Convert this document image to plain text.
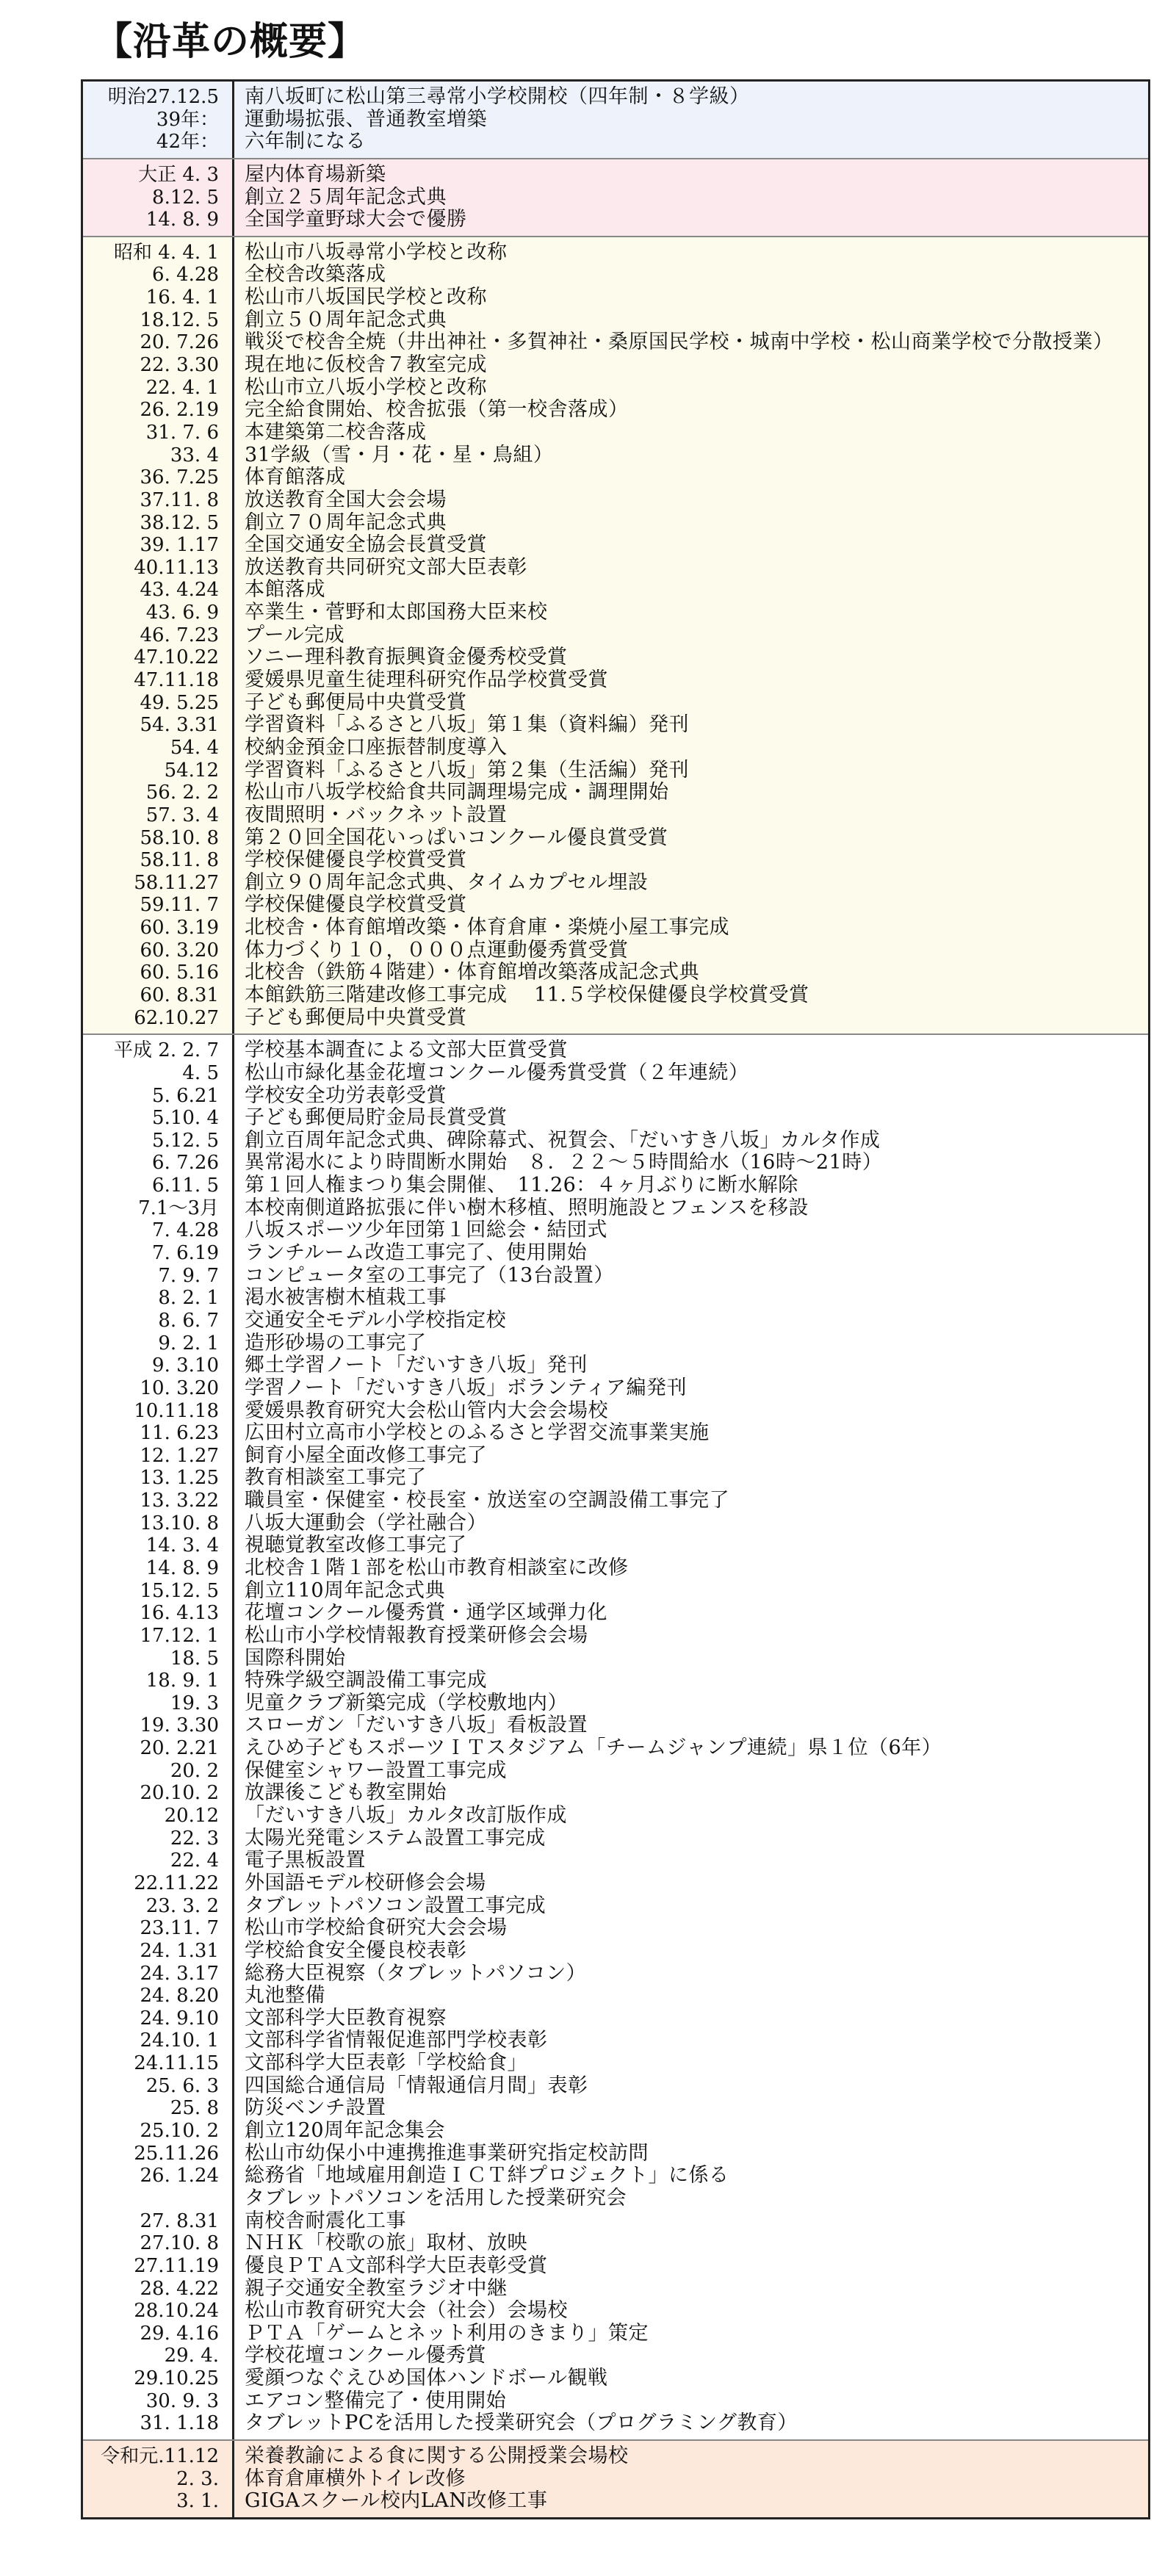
【沿革の概要】
明治27.12.5	南八坂町に松山第三尋常小学校開校（四年制・８学級）
39年：	運動場拡張、普通教室増築
42年：	六年制になる
大正 4. 3	屋内体育場新築
8.12. 5	創立２５周年記念式典
14. 8. 9	全国学童野球大会で優勝
昭和 4. 4. 1	松山市八坂尋常小学校と改称
6. 4.28	全校舎改築落成
16. 4. 1	松山市八坂国民学校と改称
18.12. 5	創立５０周年記念式典
20. 7.26	戦災で校舎全焼（井出神社・多賀神社・桑原国民学校・城南中学校・松山商業学校で分散授業）
22. 3.30	現在地に仮校舎７教室完成
22. 4. 1	松山市立八坂小学校と改称
26. 2.19	完全給食開始、校舎拡張（第一校舎落成）
31. 7. 6	本建築第二校舎落成
33. 4	31学級（雪・月・花・星・鳥組）
36. 7.25	体育館落成
37.11. 8	放送教育全国大会会場
38.12. 5	創立７０周年記念式典
39. 1.17	全国交通安全協会長賞受賞
40.11.13	放送教育共同研究文部大臣表彰
43. 4.24	本館落成
43. 6. 9	卒業生・菅野和太郎国務大臣来校
46. 7.23	プール完成
47.10.22	ソニー理科教育振興資金優秀校受賞
47.11.18	愛媛県児童生徒理科研究作品学校賞受賞
49. 5.25	子ども郵便局中央賞受賞
54. 3.31	学習資料「ふるさと八坂」第１集（資料編）発刊
54. 4	校納金預金口座振替制度導入
54.12	学習資料「ふるさと八坂」第２集（生活編）発刊
56. 2. 2	松山市八坂学校給食共同調理場完成・調理開始
57. 3. 4	夜間照明・バックネット設置
58.10. 8	第２０回全国花いっぱいコンクール優良賞受賞
58.11. 8	学校保健優良学校賞受賞
58.11.27	創立９０周年記念式典、タイムカプセル埋設
59.11. 7	学校保健優良学校賞受賞
60. 3.19	北校舎・体育館増改築・体育倉庫・楽焼小屋工事完成
60. 3.20	体力づくり１０，０００点運動優秀賞受賞
60. 5.16	北校舎（鉄筋４階建）・体育館増改築落成記念式典
60. 8.31	本館鉄筋三階建改修工事完成　 11.５学校保健優良学校賞受賞
62.10.27	子ども郵便局中央賞受賞
平成 2. 2. 7	学校基本調査による文部大臣賞受賞
4. 5	松山市緑化基金花壇コンクール優秀賞受賞（２年連続）
5. 6.21	学校安全功労表彰受賞
5.10. 4	子ども郵便局貯金局長賞受賞
5.12. 5	創立百周年記念式典、碑除幕式、祝賀会、「だいすき八坂」カルタ作成
6. 7.26	異常渇水により時間断水開始　８．２２～５時間給水（16時～21時）
6.11. 5	第１回人権まつり集会開催、　11.26：４ヶ月ぶりに断水解除
7.1～3月	本校南側道路拡張に伴い樹木移植、照明施設とフェンスを移設
7. 4.28	八坂スポーツ少年団第１回総会・結団式
7. 6.19	ランチルーム改造工事完了、使用開始
7. 9. 7	コンピュータ室の工事完了（13台設置）
8. 2. 1	渇水被害樹木植栽工事
8. 6. 7	交通安全モデル小学校指定校
9. 2. 1	造形砂場の工事完了
9. 3.10	郷土学習ノート「だいすき八坂」発刊
10. 3.20	学習ノート「だいすき八坂」ボランティア編発刊
10.11.18	愛媛県教育研究大会松山管内大会会場校
11. 6.23	広田村立高市小学校とのふるさと学習交流事業実施
12. 1.27	飼育小屋全面改修工事完了
13. 1.25	教育相談室工事完了
13. 3.22	職員室・保健室・校長室・放送室の空調設備工事完了
13.10. 8	八坂大運動会（学社融合）
14. 3. 4	視聴覚教室改修工事完了
14. 8. 9	北校舎１階１部を松山市教育相談室に改修
15.12. 5	創立110周年記念式典
16. 4.13	花壇コンクール優秀賞・通学区域弾力化
17.12. 1	松山市小学校情報教育授業研修会会場
18. 5	国際科開始
18. 9. 1	特殊学級空調設備工事完成
19. 3	児童クラブ新築完成（学校敷地内）
19. 3.30	スローガン「だいすき八坂」看板設置
20. 2.21	えひめ子どもスポーツＩＴスタジアム「チームジャンプ連続」県１位（6年）
20. 2	保健室シャワー設置工事完成
20.10. 2	放課後こども教室開始
20.12	「だいすき八坂」カルタ改訂版作成
22. 3	太陽光発電システム設置工事完成
22. 4	電子黒板設置
22.11.22	外国語モデル校研修会会場
23. 3. 2	タブレットパソコン設置工事完成
23.11. 7	松山市学校給食研究大会会場
24. 1.31	学校給食安全優良校表彰
24. 3.17	総務大臣視察（タブレットパソコン）
24. 8.20	丸池整備
24. 9.10	文部科学大臣教育視察
24.10. 1	文部科学省情報促進部門学校表彰
24.11.15	文部科学大臣表彰「学校給食」
25. 6. 3	四国総合通信局「情報通信月間」表彰
25. 8	防災ベンチ設置
25.10. 2	創立120周年記念集会
25.11.26	松山市幼保小中連携推進事業研究指定校訪問
26. 1.24	総務省「地域雇用創造ＩＣＴ絆プロジェクト」に係る
タブレットパソコンを活用した授業研究会
27. 8.31	南校舎耐震化工事
27.10. 8	ＮＨＫ「校歌の旅」取材、放映
27.11.19	優良ＰＴＡ文部科学大臣表彰受賞
28. 4.22	親子交通安全教室ラジオ中継
28.10.24	松山市教育研究大会（社会）会場校
29. 4.16	ＰＴＡ「ゲームとネット利用のきまり」策定
29. 4.	学校花壇コンクール優秀賞
29.10.25	愛顔つなぐえひめ国体ハンドボール観戦
30. 9. 3	エアコン整備完了・使用開始
31. 1.18	タブレットPCを活用した授業研究会（プログラミング教育）
令和元.11.12	栄養教諭による食に関する公開授業会場校
2. 3.	体育倉庫横外トイレ改修
3. 1.	GIGAスクール校内LAN改修工事
